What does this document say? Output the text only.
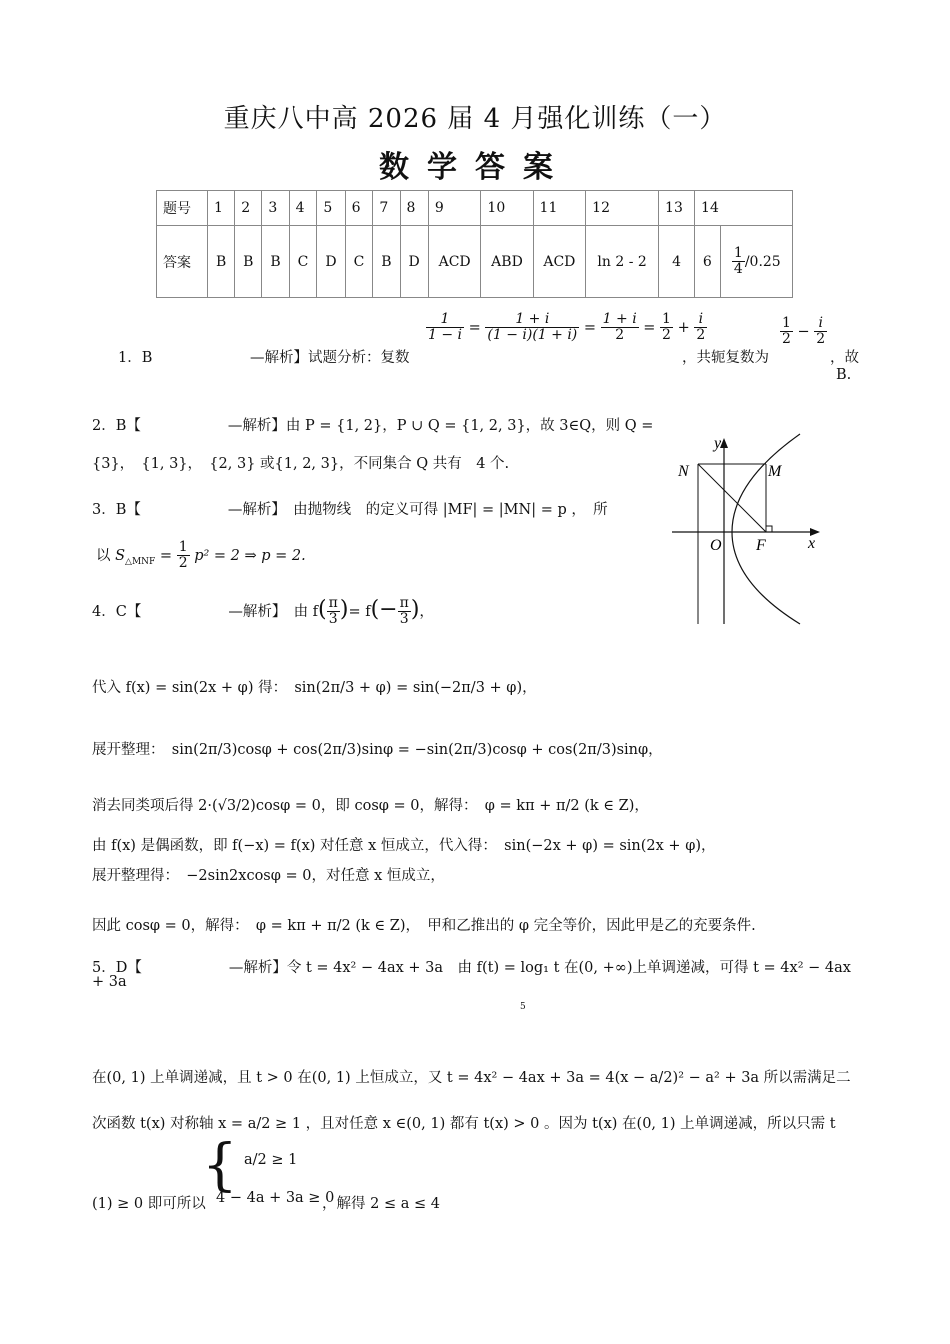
重庆八中高 2026 届 4 月强化训练（一）
数学答案
题号	1	2	3	4	5	6	7	8	9	10	11	12	13	14	
答案	B	B	B	C	D	C	B	D	ACD	ABD	ACD	ln 2 - 2	4	6	$\frac{1}{4} /0.25$
1．B	—解析】试题分析：复数
$\frac{1}{1 - i} = \frac{1 + i}{(1 - i)(1 + i)} = \frac{1 + i}{2} = \frac{1}{2} + \frac{i}{2}$
，共轭复数为
$\frac{1}{2} - \frac{i}{2}$
，故
B.
2．B【　　　　　　—解析】由 P = {1, 2}，P ∪ Q = {1, 2, 3}，故 3∈Q，则 Q =
{3}，　{1, 3}，　{2, 3} 或{1, 2, 3}，不同集合 Q 共有　4 个.
3．B【　　　　　　—解析】　由抛物线　的定义可得 |MF| = |MN| = p ，　所
以 $S_{\triangle MNF} = \frac{1}{2} p^2 = 2$ ⇒ p = 2.
y
x
N	M
O F
4．C【　　　　　　—解析】　由 $f( \frac{\pi}{3}$ )= $f(- \frac{\pi}{3}$ )，
代入 f(x) = sin(2x + φ) 得：　sin(2π/3 + φ) = sin(−2π/3 + φ)，
展开整理：　sin(2π/3)cosφ + cos(2π/3)sinφ = −sin(2π/3)cosφ + cos(2π/3)sinφ，
消去同类项后得 2·(√3/2)cosφ = 0，即 cosφ = 0，解得：　φ = kπ + π/2 (k ∈ Z)，
由 f(x) 是偶函数，即 f(−x) = f(x) 对任意 x 恒成立，代入得：　sin(−2x + φ) = sin(2x + φ)，
展开整理得：　−2sin2xcosφ = 0，对任意 x 恒成立，
因此 cosφ = 0，解得：　φ = kπ + π/2 (k ∈ Z)，　甲和乙推出的 φ 完全等价，因此甲是乙的充要条件.
5．D【　　　　　　—解析】令 t = 4x² − 4ax + 3a　由 f(t) = log₁ t 在(0, +∞)上单调递减，可得 t = 4x² − 4ax
+ 3a
5
在(0, 1) 上单调递减，且 t > 0 在(0, 1) 上恒成立，又 t = 4x² − 4ax + 3a = 4(x − a/2)² − a² + 3a 所以需满足二
次函数 t(x) 对称轴 x = a/2 ≥ 1 ，且对任意 x ∈(0, 1) 都有 t(x) > 0 。因为 t(x) 在(0, 1) 上单调递减，所以只需 t
(1) ≥ 0 即可所以
{ a/2 ≥ 1
4 − 4a + 3a ≥ 0
，解得 2 ≤ a ≤ 4
